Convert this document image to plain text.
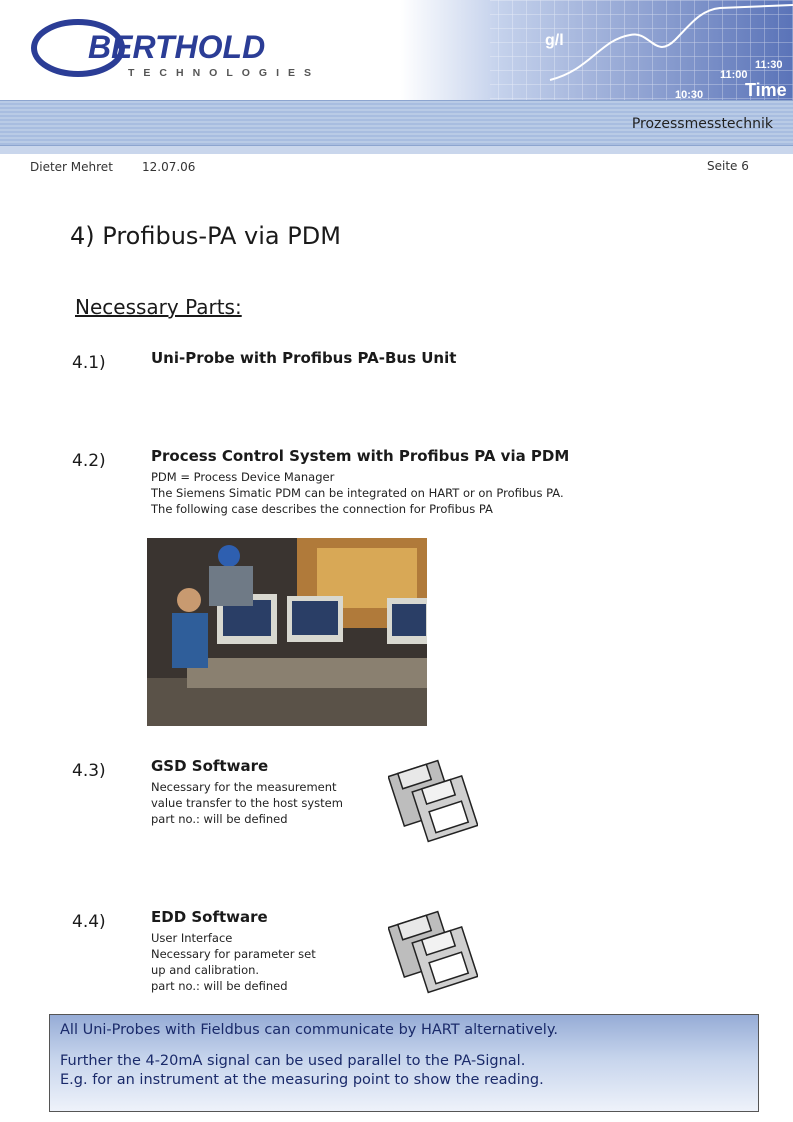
g/l
10:30
11:00
11:30
Time
BERTHOLD
TECHNOLOGIES
Prozessmesstechnik
Dieter Mehret 12.07.06	Seite 6
4) Profibus-PA via PDM
Necessary Parts:
4.1)	Uni-Probe with Profibus PA-Bus Unit
4.2)	Process Control System with Profibus PA via PDM
PDM = Process Device Manager
The Siemens Simatic PDM can be integrated on HART or on Profibus PA.
The following case describes the connection for Profibus PA
4.3)	GSD Software
Necessary for the measurement
value transfer to the host system
part no.: will be defined
4.4)	EDD Software
User Interface
Necessary for parameter set
up and calibration.
part no.: will be defined

All Uni-Probes with Fieldbus can communicate by HART alternatively.

Further the 4-20mA signal can be used parallel to the PA-Signal.

E.g. for an instrument at the measuring point to show the reading.
